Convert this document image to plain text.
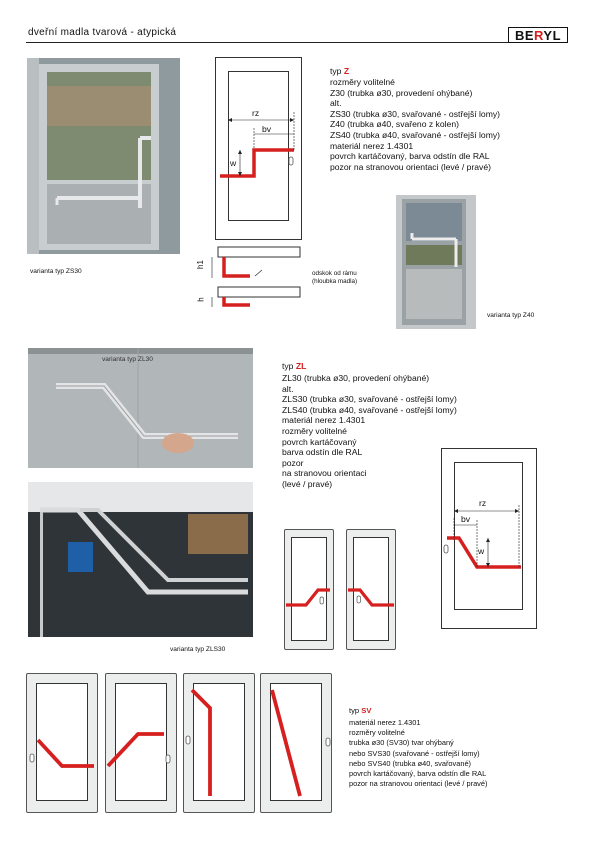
dveřní madla tvarová - atypická	BERYL
varianta typ ZS30
rz
bv
w
typ Z
rozměry volitelné
Z30 (trubka ø30, provedení ohýbané)
alt.
ZS30 (trubka ø30, svařované - ostřejší lomy)
Z40 (trubka ø40, svařeno z kolen)
ZS40 (trubka ø40, svařované - ostřejší lomy)
materiál nerez 1.4301
povrch kartáčovaný, barva odstín dle RAL
pozor na stranovou orientaci (levé / pravé)
h1
h
odskok od rámu
(hloubka madla)
varianta typ Z40
varianta typ ZL30
varianta typ ZLS30
typ ZL
ZL30 (trubka ø30, provedení ohýbané)
alt.
ZLS30 (trubka ø30, svařované - ostřejší lomy)
ZLS40 (trubka ø40, svařované - ostřejší lomy)
materiál nerez 1.4301
rozměry volitelné
povrch kartáčovaný
barva odstín dle RAL
pozor
na stranovou orientaci
(levé / pravé)
rz
bv
w
typ SV
materiál nerez 1.4301
rozměry volitelné
trubka ø30 (SV30) tvar ohýbaný
nebo SVS30 (svařované - ostřejší lomy)
nebo SVS40 (trubka ø40, svařované)
povrch kartáčovaný, barva odstín dle RAL
pozor na stranovou orientaci (levé / pravé)
